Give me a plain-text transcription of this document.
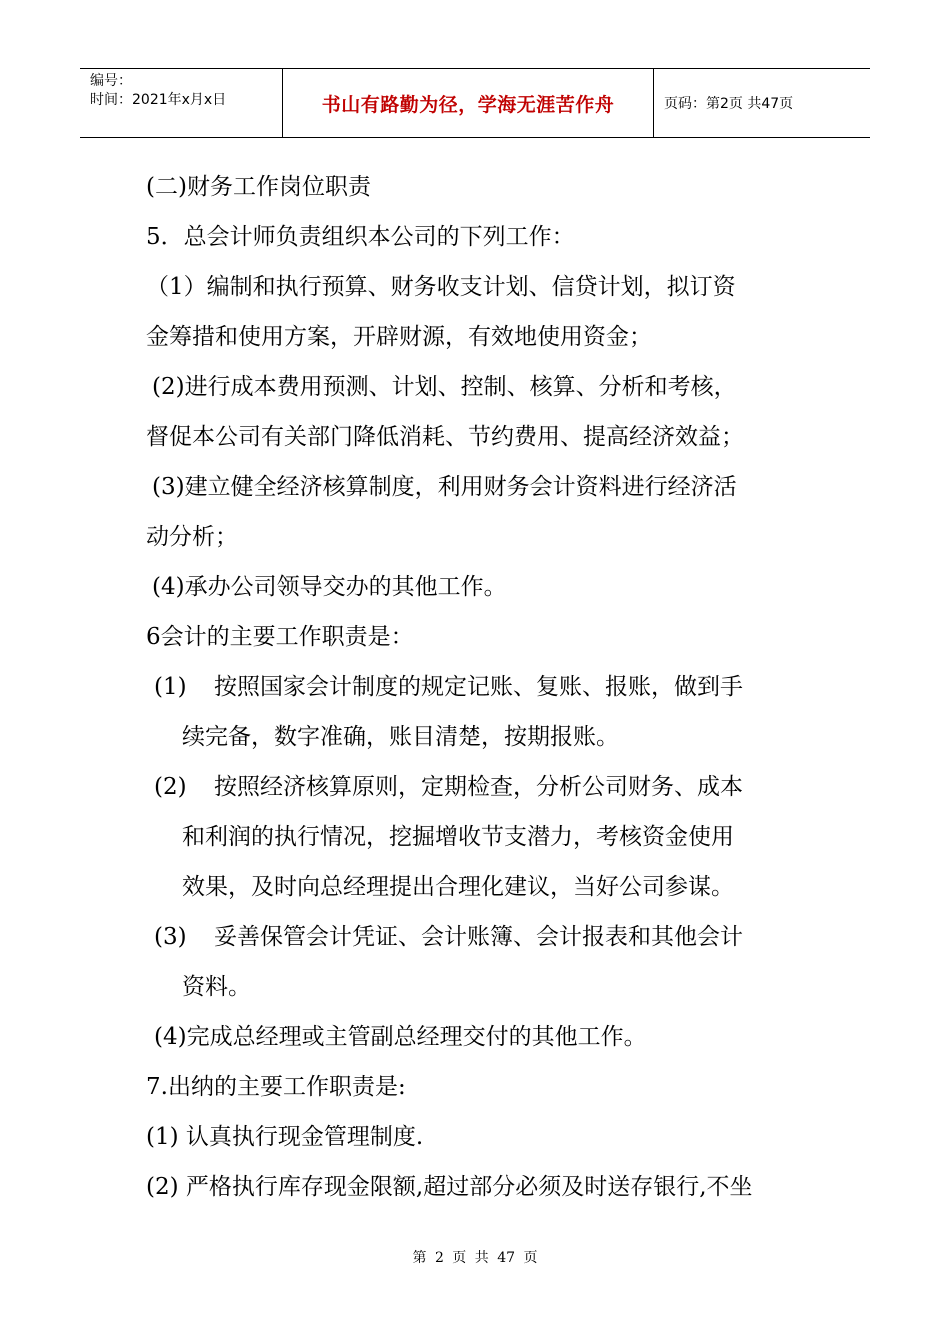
编号：
时间：2021年x月x日	书山有路勤为径，学海无涯苦作舟	页码：第2页 共47页
(二)财务工作岗位职责
5．总会计师负责组织本公司的下列工作：
（1）编制和执行预算、财务收支计划、信贷计划，拟订资
金筹措和使用方案，开辟财源，有效地使用资金；
(2)进行成本费用预测、计划、控制、核算、分析和考核，
督促本公司有关部门降低消耗、节约费用、提高经济效益；
(3)建立健全经济核算制度，利用财务会计资料进行经济活
动分析；
(4)承办公司领导交办的其他工作。
6会计的主要工作职责是：
(1) 按照国家会计制度的规定记账、复账、报账，做到手
续完备，数字准确，账目清楚，按期报账。
(2) 按照经济核算原则，定期检查，分析公司财务、成本
和利润的执行情况，挖掘增收节支潜力，考核资金使用
效果，及时向总经理提出合理化建议，当好公司参谋。
(3) 妥善保管会计凭证、会计账簿、会计报表和其他会计
资料。
(4)完成总经理或主管副总经理交付的其他工作。
7.出纳的主要工作职责是:
(1) 认真执行现金管理制度.
(2) 严格执行库存现金限额,超过部分必须及时送存银行,不坐
第 2 页 共 47 页
